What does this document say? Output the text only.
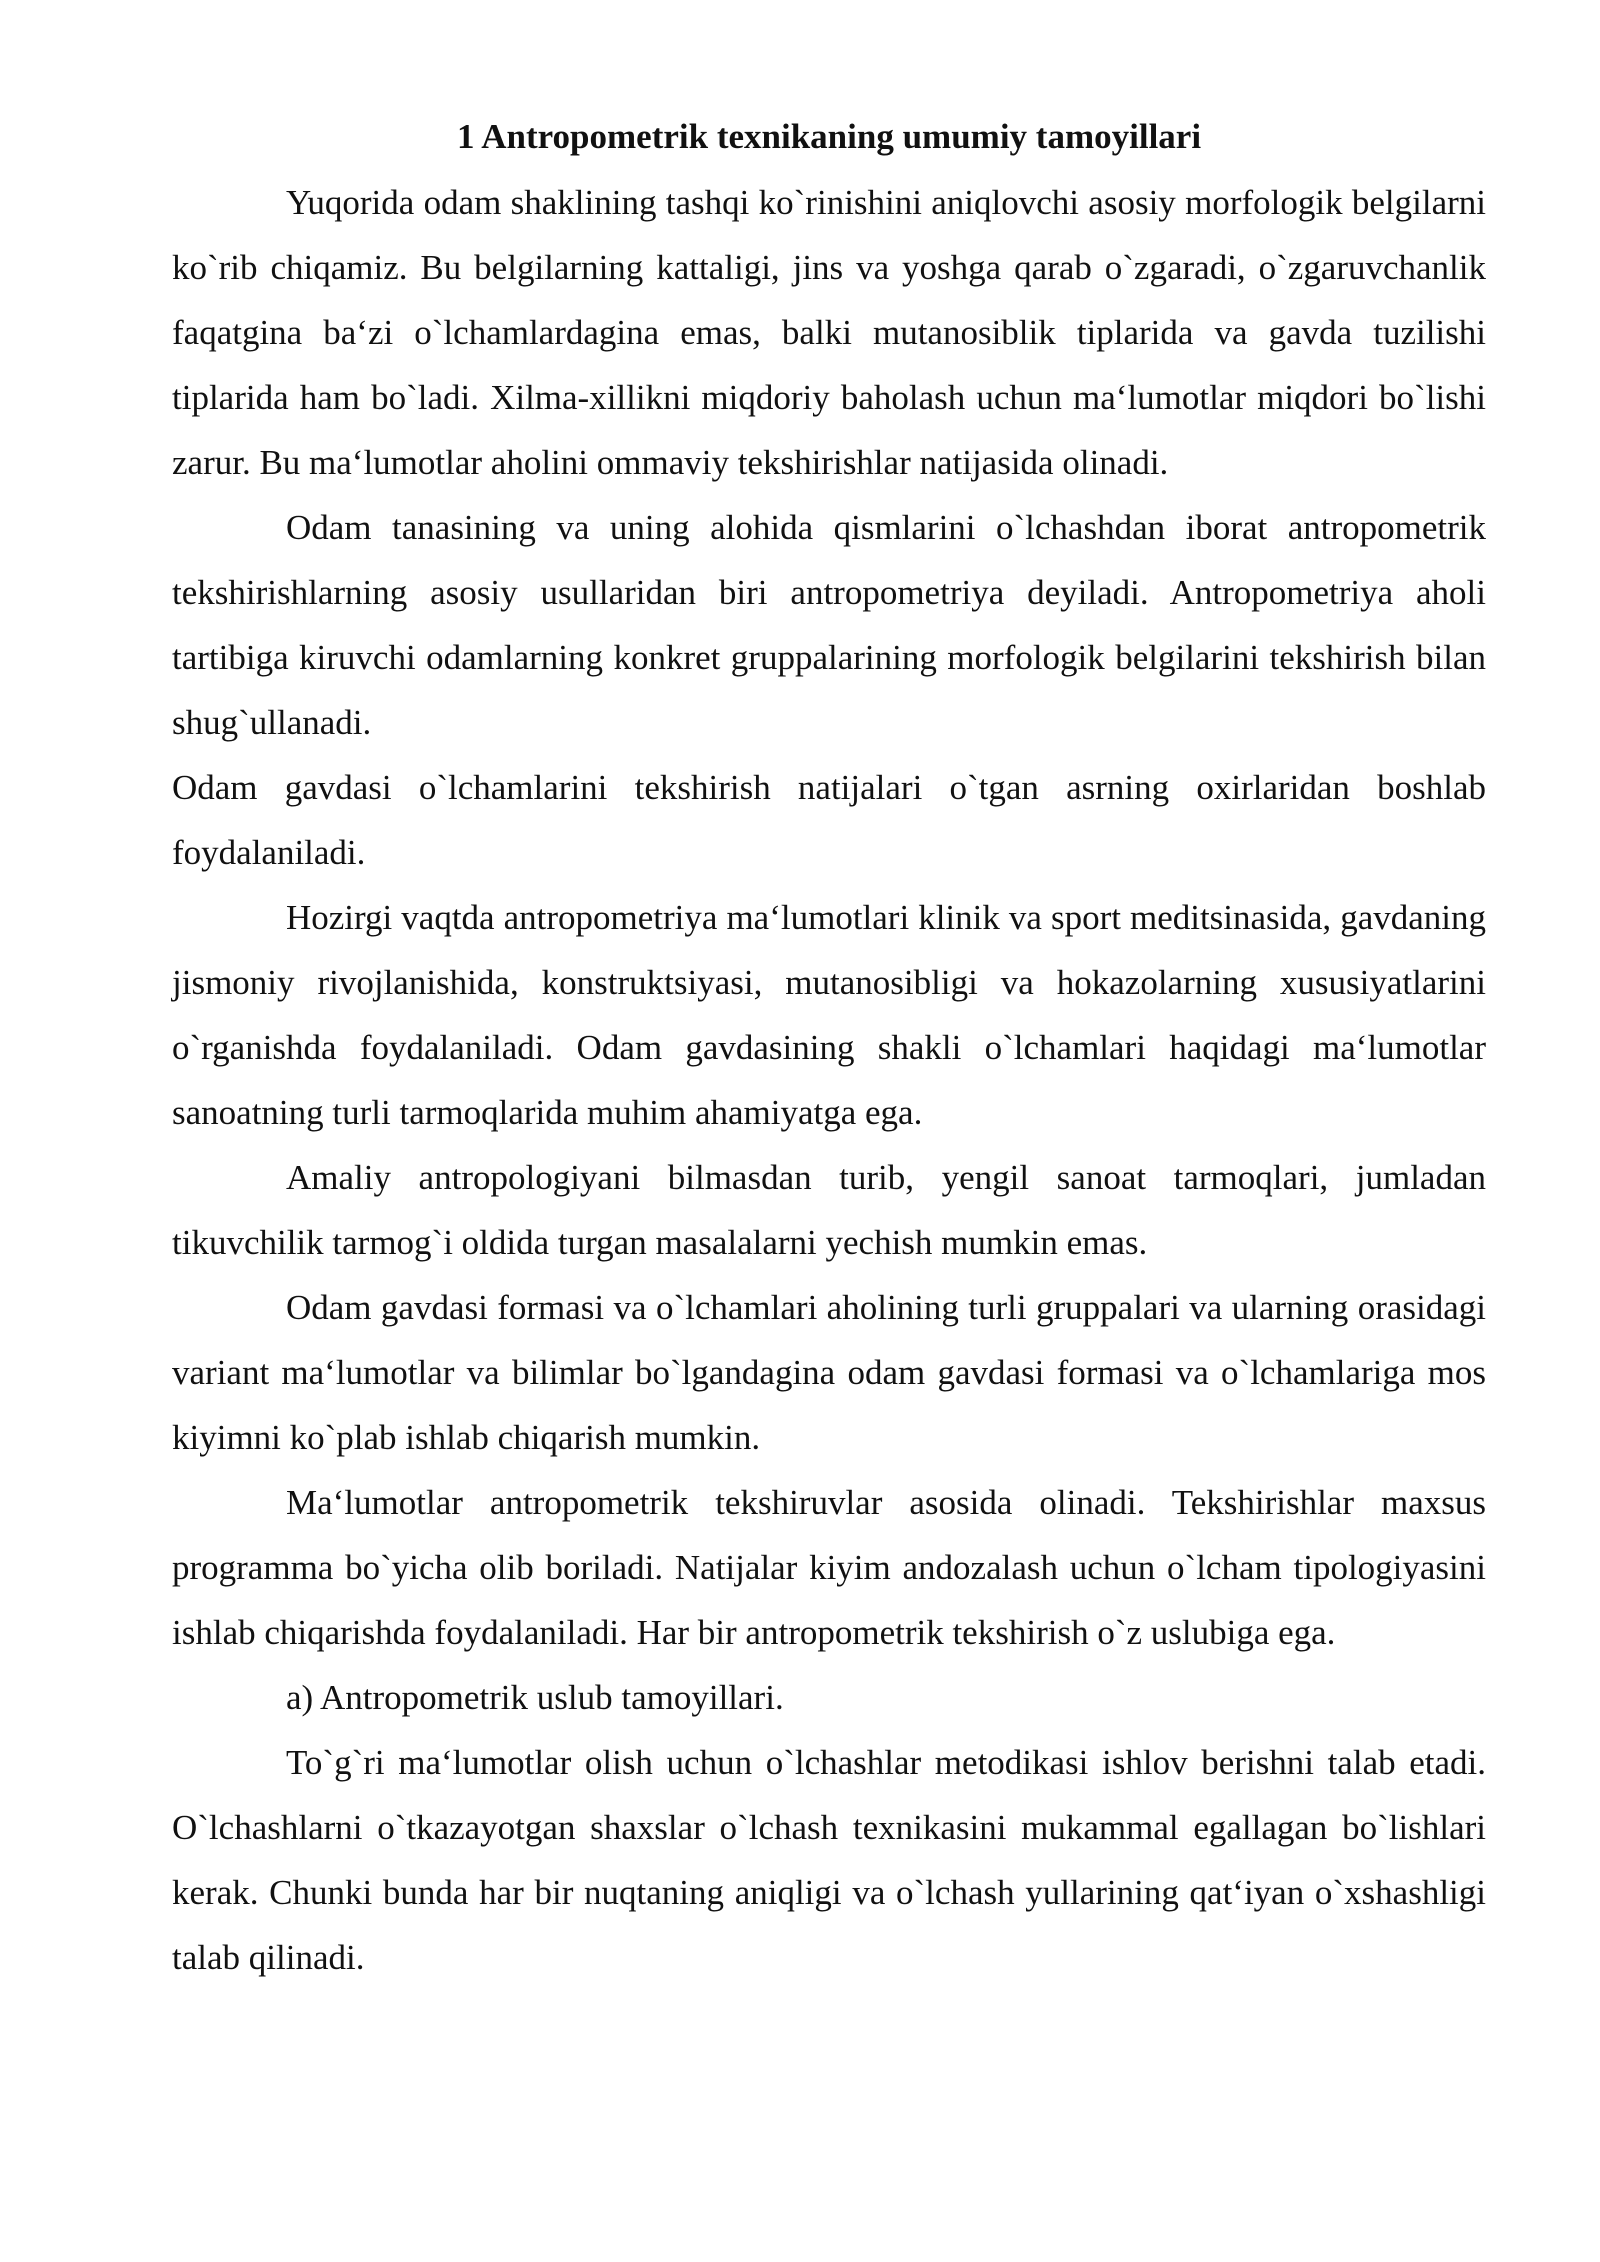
1 Antropometrik texnikaning umumiy tamoyillari

Yuqorida odam shaklining tashqi ko`rinishini aniqlovchi asosiy morfologik belgilarni ko`rib chiqamiz. Bu belgilarning kattaligi, jins va yoshga qarab o`zgaradi, o`zgaruvchanlik faqatgina ba‘zi o`lchamlardagina emas, balki mutanosiblik tiplarida va gavda tuzilishi tiplarida ham bo`ladi. Xilma-xillikni miqdoriy baholash uchun ma‘lumotlar miqdori bo`lishi zarur. Bu ma‘lumotlar aholini ommaviy tekshirishlar natijasida olinadi.

Odam tanasining va uning alohida qismlarini o`lchashdan iborat antropometrik tekshirishlarning asosiy usullaridan biri antropometriya deyiladi. Antropometriya aholi tartibiga kiruvchi odamlarning konkret gruppalarining morfologik belgilarini tekshirish bilan shug`ullanadi.

Odam gavdasi o`lchamlarini tekshirish natijalari o`tgan asrning oxirlaridan boshlab foydalaniladi.

Hozirgi vaqtda antropometriya ma‘lumotlari klinik va sport meditsinasida, gavdaning jismoniy rivojlanishida, konstruktsiyasi, mutanosibligi va hokazolarning xususiyatlarini o`rganishda foydalaniladi. Odam gavdasining shakli o`lchamlari haqidagi ma‘lumotlar sanoatning turli tarmoqlarida muhim ahamiyatga ega.

Amaliy antropologiyani bilmasdan turib, yengil sanoat tarmoqlari, jumladan tikuvchilik tarmog`i oldida turgan masalalarni yechish mumkin emas.

Odam gavdasi formasi va o`lchamlari aholining turli gruppalari va ularning orasidagi variant ma‘lumotlar va bilimlar bo`lgandagina odam gavdasi formasi va o`lchamlariga mos kiyimni ko`plab ishlab chiqarish mumkin.

Ma‘lumotlar antropometrik tekshiruvlar asosida olinadi. Tekshirishlar maxsus programma bo`yicha olib boriladi. Natijalar kiyim andozalash uchun o`lcham tipologiyasini ishlab chiqarishda foydalaniladi. Har bir antropometrik tekshirish o`z uslubiga ega.

a) Antropometrik uslub tamoyillari.

To`g`ri ma‘lumotlar olish uchun o`lchashlar metodikasi ishlov berishni talab etadi. O`lchashlarni o`tkazayotgan shaxslar o`lchash texnikasini mukammal egallagan bo`lishlari kerak. Chunki bunda har bir nuqtaning aniqligi va o`lchash yullarining qat‘iyan o`xshashligi talab qilinadi.
